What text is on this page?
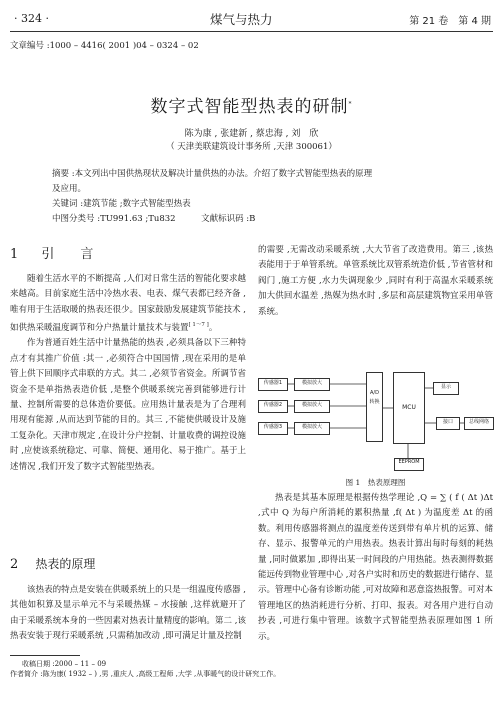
· 324 ·	煤气与热力	第 21 卷　第 4 期
文章编号 :1000 – 4416( 2001 )04 – 0324 – 02
数字式智能型热表的研制*
陈为康 , 张建新 , 蔡忠海 , 刘　欣
（ 天津美联建筑设计事务所 ,天津 300061）
摘要 :本文列出中国供热现状及解决计量供热的办法。介绍了数字式智能型热表的原理
及应用。
关键词 :建筑节能 ;数字式智能型热表
中图分类号 :TU991.63 ;Tu832　　　文献标识码 :B
1 引　　言

随着生活水平的不断提高 ,人们对日常生活的智能化要求越来越高。目前家庭生活中冷热水表、电表、煤气表都已经齐备 ,唯有用于生活取暖的热表还很少。国家鼓励发展建筑节能技术 ,如供热采暖温度调节和分户热量计量技术与装置[ 1～7 ]。

作为普通百姓生活中计量热能的热表 ,必须具备以下三种特点才有其推广价值 :其一 ,必须符合中国国情 ,现在采用的是单管上供下回顺序式串联的方式。其二 ,必须节省资金。所调节省资金不是单指热表造价低 ,是整个供暖系统完善到能够进行计量、控制所需要的总体造价要低。应用热计量表是为了合理利用现有能源 ,从而达到节能的目的。其三 ,不能使供暖设计及施工复杂化。天津市规定 ,在设计分户控制、计量收费的调控设施时 ,应使该系统稳定、可靠、简便、通用化、易于推广。基于上述情况 ,我们开发了数字式智能型热表。

2 热表的原理

该热表的特点是安装在供暖系统上的只是一组温度传感器 ,其他如积算及显示单元不与采暖热媒 – 水接触 ,这样就避开了由于采暖系统本身的一些因素对热表计量精度的影响。第二 ,该热表安装于现行采暖系统 ,只需稍加改动 ,即可满足计量及控制

的需要 ,无需改动采暖系统 ,大大节省了改造费用。第三 ,该热表能用于于单管系统。单管系统比双管系统造价低 ,节省管材和阀门 ,施工方便 ,水力失调现象少 ,同时有利于高温水采暖系统加大供回水温差 ,热媒为热水时 ,多层和高层建筑物宜采用单管系统。

传感器1
传感器2
传感器3
模拟放大
模拟放大
模拟放大
A/D 转换
MCU
显示
接口	总线网络
EEPROM
图 1　热表原理图

热表是其基本原理是根据传热学理论 ,Q = ∑ ( f ( Δt )Δt ,式中 Q 为每户所消耗的累积热量 ,f( Δt ) 为温度差 Δt 的函数。利用传感器将测点的温度差传送到带有单片机的运算、储存、显示、报警单元的户用热表。热表计算出每时每刻的耗热量 ,同时做累加 ,即得出某一时间段的户用热能。热表测得数据能远传到物业管理中心 ,对各户实时和历史的数据进行储存、显示。管理中心备有诊断功能 ,可对故障和恶意盗热报警。可对本管理地区的热消耗进行分析、打印、报表。对各用户进行自动抄表 ,可进行集中管理。该数字式智能型热表原理如图 1 所示。

收稿日期 :2000 – 11 – 09
作者简介 :陈为康( 1932 – ) ,男 ,重庆人 ,高级工程师 ,大学 ,从事暖气的设计研究工作。
